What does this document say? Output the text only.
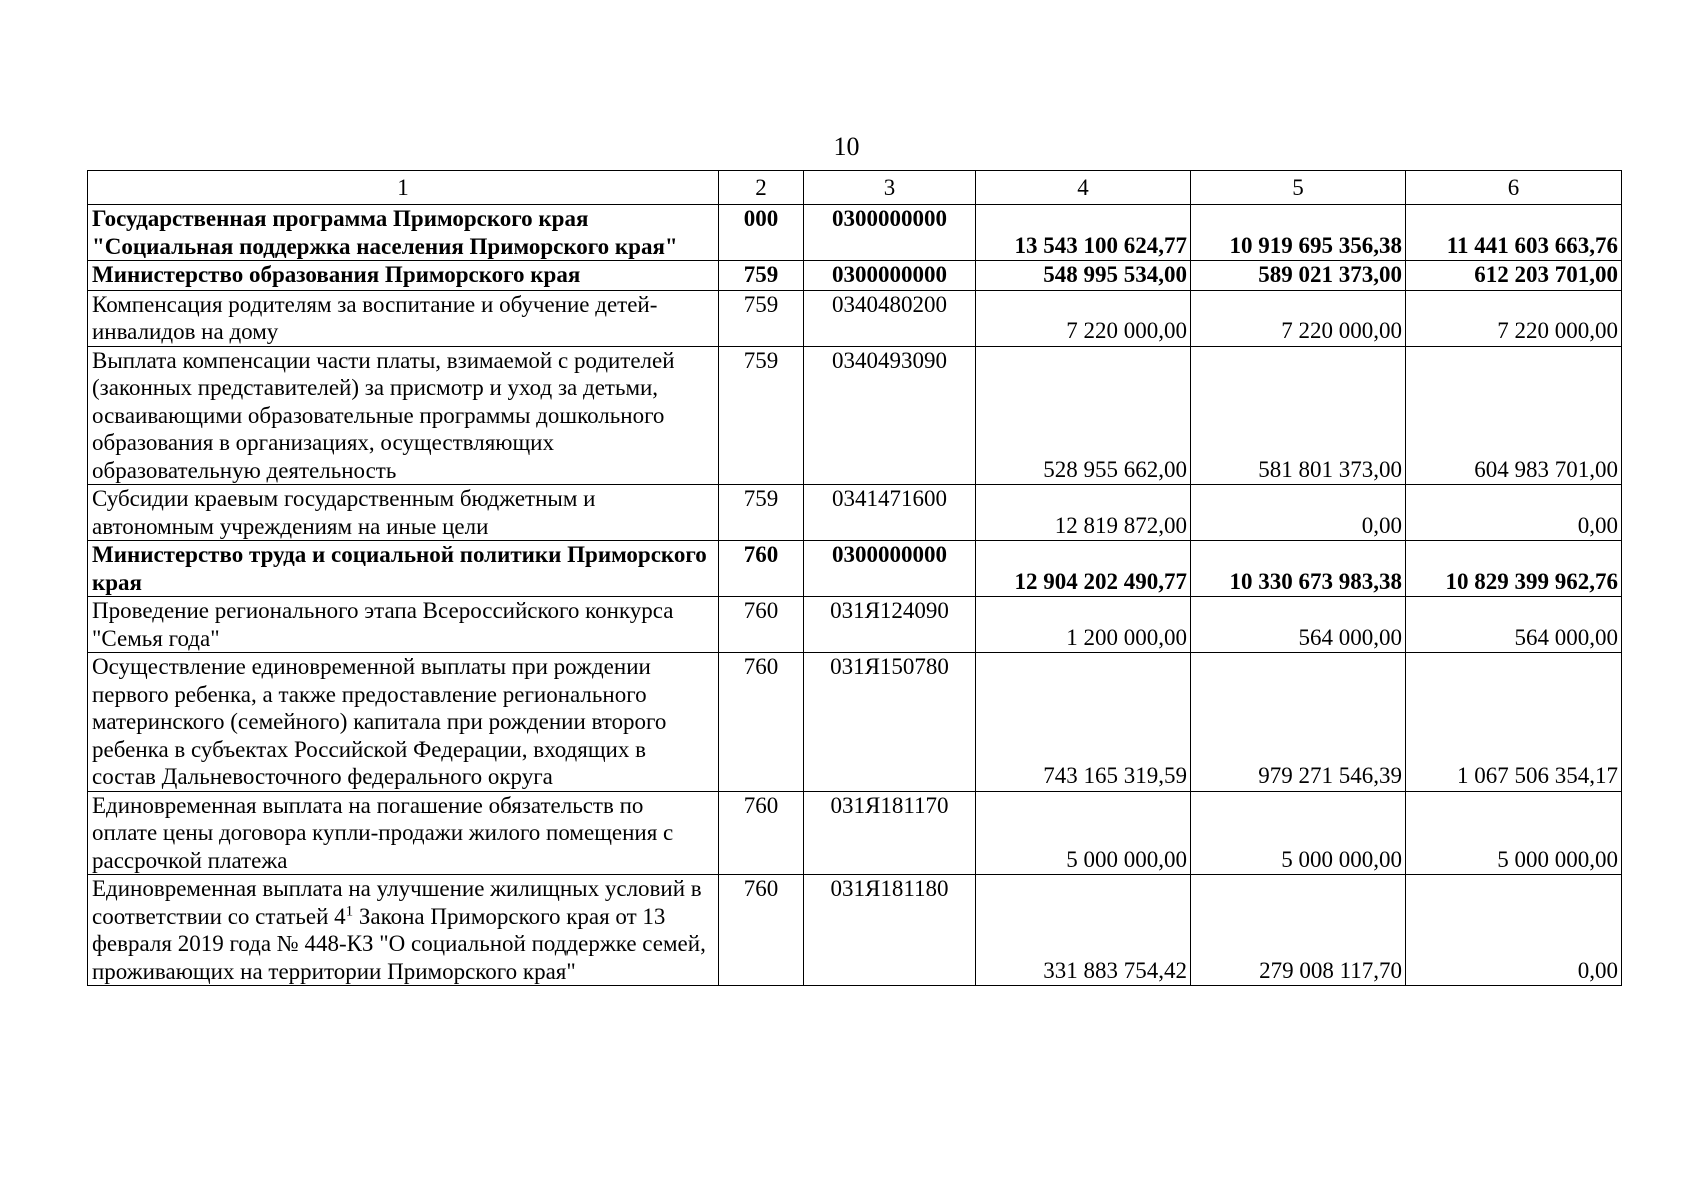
10
1	2	3	4	5	6
Государственная программа Приморского края "Социальная поддержка населения Приморского края"	000	0300000000	13 543 100 624,77	10 919 695 356,38	11 441 603 663,76
Министерство образования Приморского края	759	0300000000	548 995 534,00	589 021 373,00	612 203 701,00
Компенсация родителям за воспитание и обучение детей-инвалидов на дому	759	0340480200	7 220 000,00	7 220 000,00	7 220 000,00
Выплата компенсации части платы, взимаемой с родителей (законных представителей) за присмотр и уход за детьми, осваивающими образовательные программы дошкольного образования в организациях, осуществляющих образовательную деятельность	759	0340493090	528 955 662,00	581 801 373,00	604 983 701,00
Субсидии краевым государственным бюджетным и автономным учреждениям на иные цели	759	0341471600	12 819 872,00	0,00	0,00
Министерство труда и социальной политики Приморского края	760	0300000000	12 904 202 490,77	10 330 673 983,38	10 829 399 962,76
Проведение регионального этапа Всероссийского конкурса "Семья года"	760	031Я124090	1 200 000,00	564 000,00	564 000,00
Осуществление единовременной выплаты при рождении первого ребенка, а также предоставление регионального материнского (семейного) капитала при рождении второго ребенка в субъектах Российской Федерации, входящих в состав Дальневосточного федерального округа	760	031Я150780	743 165 319,59	979 271 546,39	1 067 506 354,17
Единовременная выплата на погашение обязательств по оплате цены договора купли-продажи жилого помещения с рассрочкой платежа	760	031Я181170	5 000 000,00	5 000 000,00	5 000 000,00
Единовременная выплата на улучшение жилищных условий в соответствии со статьей $4^1$ Закона Приморского края от 13 февраля 2019 года № 448-КЗ "О социальной поддержке семей, проживающих на территории Приморского края"	760	031Я181180	331 883 754,42	279 008 117,70	0,00
